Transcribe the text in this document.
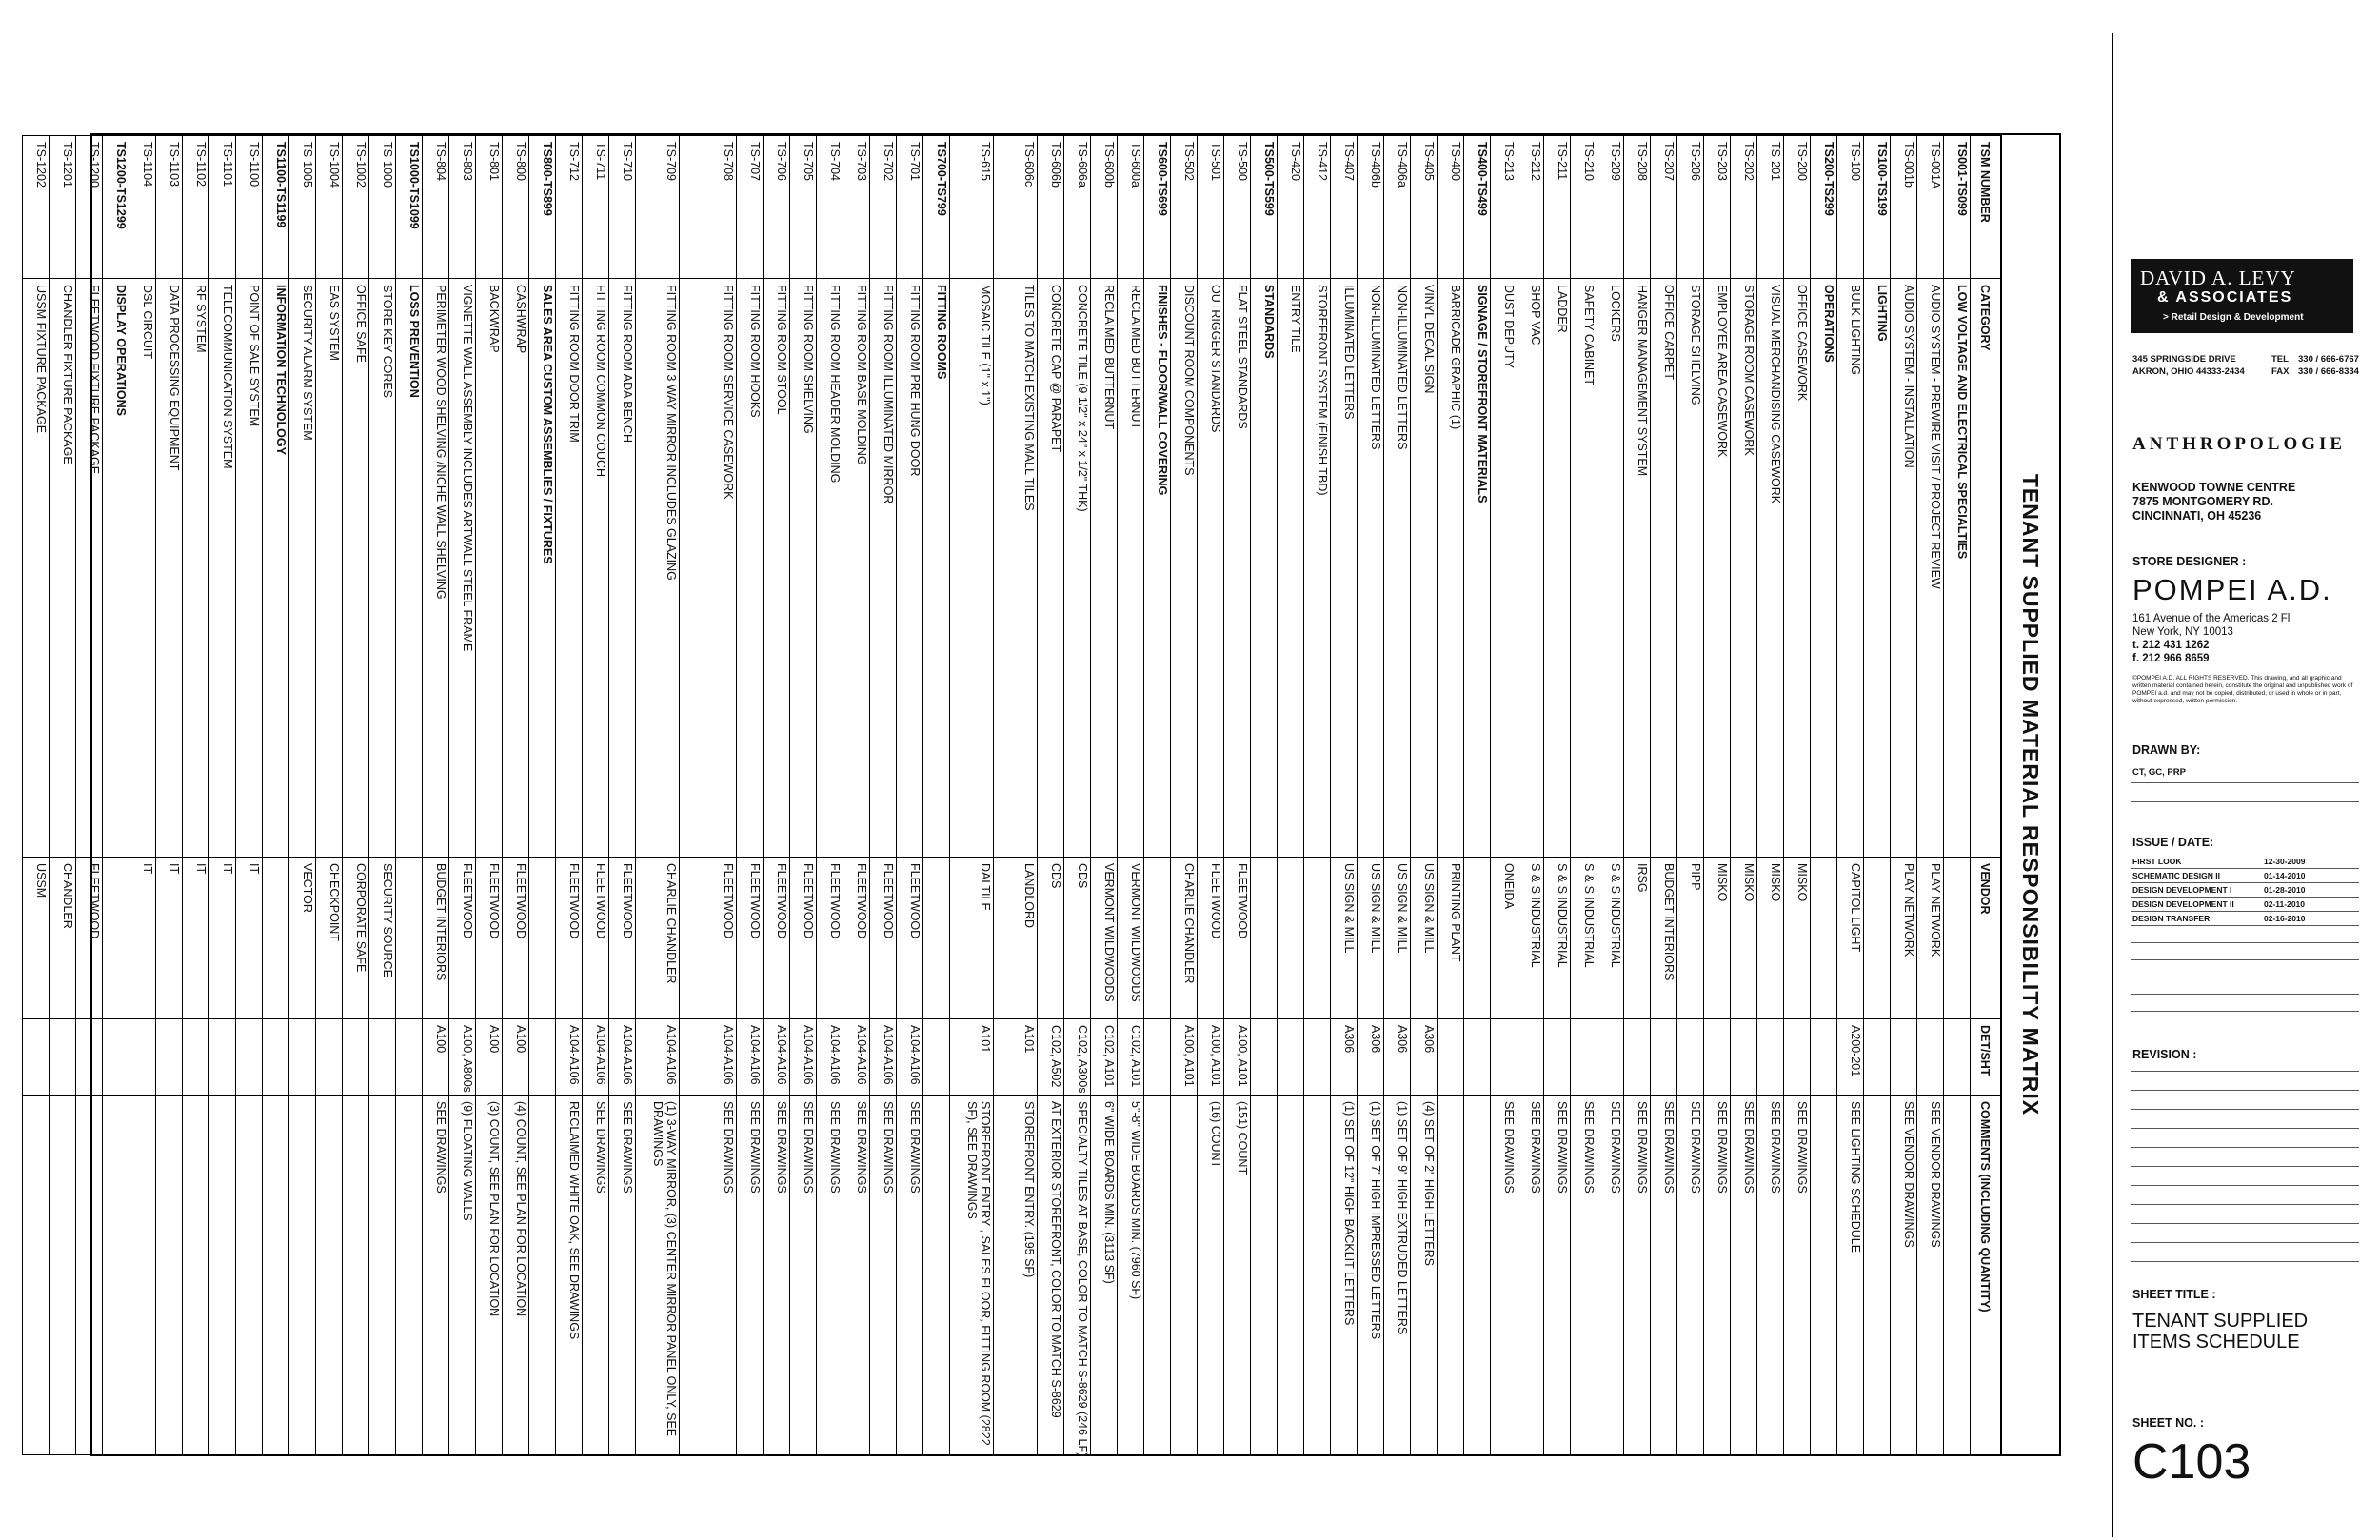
TENANT SUPPLIED MATERIAL RESPONSIBILITY MATRIX
TSM NUMBER	CATEGORY	VENDOR	DET/SHT	COMMENTS (INCLUDING QUANTITY)
TS001-TS099	LOW VOLTAGE AND ELECTRICAL SPECIALTIES			
TS-001A	AUDIO SYSTEM - PREWIRE VISIT / PROJECT REVIEW	PLAY NETWORK		SEE VENDOR DRAWINGS
TS-001b	AUDIO SYSTEM - INSTALLATION	PLAY NETWORK		SEE VENDOR DRAWINGS
TS100-TS199	LIGHTING			
TS-100	BULK LIGHTING	CAPITOL LIGHT	A200-201	SEE LIGHTING SCHEDULE
TS200-TS299	OPERATIONS			
TS-200	OFFICE CASEWORK	MISKO		SEE DRAWINGS
TS-201	VISUAL MERCHANDISING CASEWORK	MISKO		SEE DRAWINGS
TS-202	STORAGE ROOM CASEWORK	MISKO		SEE DRAWINGS
TS-203	EMPLOYEE AREA CASEWORK	MISKO		SEE DRAWINGS
TS-206	STORAGE SHELVING	PIPP		SEE DRAWINGS
TS-207	OFFICE CARPET	BUDGET INTERIORS		SEE DRAWINGS
TS-208	HANGER MANAGEMENT SYSTEM	IRSG		SEE DRAWINGS
TS-209	LOCKERS	S & S INDUSTRIAL		SEE DRAWINGS
TS-210	SAFETY CABINET	S & S INDUSTRIAL		SEE DRAWINGS
TS-211	LADDER	S & S INDUSTRIAL		SEE DRAWINGS
TS-212	SHOP VAC	S & S INDUSTRIAL		SEE DRAWINGS
TS-213	DUST DEPUTY	ONEIDA		SEE DRAWINGS
TS400-TS499	SIGNAGE / STOREFRONT MATERIALS			
TS-400	BARRICADE GRAPHIC (1)	PRINTING PLANT		
TS-405	VINYL DECAL SIGN	US SIGN & MILL	A306	(4) SET OF 2" HIGH LETTERS
TS-406a	NON-ILLUMINATED LETTERS	US SIGN & MILL	A306	(1) SET OF 9" HIGH EXTRUDED LETTERS
TS-406b	NON-ILLUMINATED LETTERS	US SIGN & MILL	A306	(1) SET OF 7" HIGH IMPRESSED LETTERS
TS-407	ILLUMINATED LETTERS	US SIGN & MILL	A306	(1) SET OF 12" HIGH BACKLIT LETTERS
TS-412	STOREFRONT SYSTEM (FINISH TBD)			
TS-420	ENTRY TILE			
TS500-TS599	STANDARDS			
TS-500	FLAT STEEL STANDARDS	FLEETWOOD	A100, A101	(151) COUNT
TS-501	OUTRIGGER STANDARDS	FLEETWOOD	A100, A101	(16) COUNT
TS-502	DISCOUNT ROOM COMPONENTS	CHARLIE CHANDLER	A100, A101	
TS600-TS699	FINISHES - FLOOR/WALL COVERING			
TS-600a	RECLAIMED BUTTERNUT	VERMONT WILDWOODS	C102, A101	5"-8" WIDE BOARDS MIN. (7960 SF)
TS-600b	RECLAIMED BUTTERNUT	VERMONT WILDWOODS	C102, A101	6" WIDE BOARDS MIN. (3113 SF)
TS-606a	CONCRETE TILE (9 1/2" x 24" x 1/2" THK)	CDS	C102, A300s	SPECIALTY TILES AT BASE, COLOR TO MATCH S-8629 (246 LF)
TS-606b	CONCRETE CAP @ PARAPET	CDS	C102, A502	AT EXTERIOR STOREFRONT, COLOR TO MATCH S-8629
TS-606c	TILES TO MATCH EXISTING MALL TILES	LANDLORD	A101	STOREFRONT ENTRY. (195 SF)
TS-615	MOSAIC TILE (1" x 1")	DALTILE	A101	STOREFRONT ENTRY , SALES FLOOR, FITTING ROOM (2822 SF), SEE DRAWINGS
TS700-TS799	FITTING ROOMS			
TS-701	FITTING ROOM PRE HUNG DOOR	FLEETWOOD	A104-A106	SEE DRAWINGS
TS-702	FITTING ROOM ILLUMINATED MIRROR	FLEETWOOD	A104-A106	SEE DRAWINGS
TS-703	FITTING ROOM BASE MOLDING	FLEETWOOD	A104-A106	SEE DRAWINGS
TS-704	FITTING ROOM HEADER MOLDING	FLEETWOOD	A104-A106	SEE DRAWINGS
TS-705	FITTING ROOM SHELVING	FLEETWOOD	A104-A106	SEE DRAWINGS
TS-706	FITTING ROOM STOOL	FLEETWOOD	A104-A106	SEE DRAWINGS
TS-707	FITTING ROOM HOOKS	FLEETWOOD	A104-A106	SEE DRAWINGS
TS-708	FITTING ROOM SERVICE CASEWORK	FLEETWOOD	A104-A106	SEE DRAWINGS
TS-709	FITTING ROOM 3 WAY MIRROR INCLUDES GLAZING	CHARLIE CHANDLER	A104-A106	(1) 3-WAY MIRROR, (3) CENTER MIRROR PANEL ONLY, SEE DRAWINGS
TS-710	FITTING ROOM ADA BENCH	FLEETWOOD	A104-A106	SEE DRAWINGS
TS-711	FITTING ROOM COMMON COUCH	FLEETWOOD	A104-A106	SEE DRAWINGS
TS-712	FITTING ROOM DOOR TRIM	FLEETWOOD	A104-A106	RECLAIMED WHITE OAK, SEE DRAWINGS
TS800-TS899	SALES AREA CUSTOM ASSEMBLIES / FIXTURES			
TS-800	CASHWRAP	FLEETWOOD	A100	(4) COUNT, SEE PLAN FOR LOCATION
TS-801	BACKWRAP	FLEETWOOD	A100	(3) COUNT, SEE PLAN FOR LOCATION
TS-803	VIGNETTE WALL ASSEMBLY INCLUDES ARTWALL STEEL FRAME	FLEETWOOD	A100, A800s	(9) FLOATING WALLS
TS-804	PERIMETER WOOD SHELVING /NICHE WALL SHELVING	BUDGET INTERIORS	A100	SEE DRAWINGS
TS1000-TS1099	LOSS PREVENTION			
TS-1000	STORE KEY CORES	SECURITY SOURCE		
TS-1002	OFFICE SAFE	CORPORATE SAFE		
TS-1004	EAS SYSTEM	CHECKPOINT		
TS-1005	SECURITY ALARM SYSTEM	VECTOR		
TS1100-TS1199	INFORMATION TECHNOLOGY			
TS-1100	POINT OF SALE SYSTEM	IT		
TS-1101	TELECOMMUNICATION SYSTEM	IT		
TS-1102	RF SYSTEM	IT		
TS-1103	DATA PROCESSING EQUIPMENT	IT		
TS-1104	DSL CIRCUIT	IT		
TS1200-TS1299	DISPLAY OPERATIONS			
TS-1200	FLEETWOOD FIXTURE PACKAGE	FLEETWOOD		
TS-1201	CHANDLER FIXTURE PACKAGE	CHANDLER		
TS-1202	USSM FIXTURE PACKAGE	USSM		
DAVID A. LEVY
& ASSOCIATES
> Retail Design & Development
345 SPRINGSIDE DRIVE
AKRON, OHIO 44333-2434
TEL 330 / 666-6767
FAX 330 / 666-8334
ANTHROPOLOGIE
KENWOOD TOWNE CENTRE
7875 MONTGOMERY RD.
CINCINNATI, OH 45236
STORE DESIGNER :
POMPEI A.D.
161 Avenue of the Americas 2 Fl
New York, NY 10013
t. 212 431 1262
f. 212 966 8659
©POMPEI A.D. ALL RIGHTS RESERVED. This drawing, and all graphic and written material contained herein, constitute the original and unpublished work of POMPEI a.d. and may not be copied, distributed, or used in whole or in part, without expressed, written permission.
DRAWN BY:
CT, GC, PRP
ISSUE / DATE:
FIRST LOOK	12-30-2009
SCHEMATIC DESIGN II	01-14-2010
DESIGN DEVELOPMENT I	01-28-2010
DESIGN DEVELOPMENT II	02-11-2010
DESIGN TRANSFER	02-16-2010
REVISION :
SHEET TITLE :
TENANT SUPPLIED
ITEMS SCHEDULE
SHEET NO. :
C103
